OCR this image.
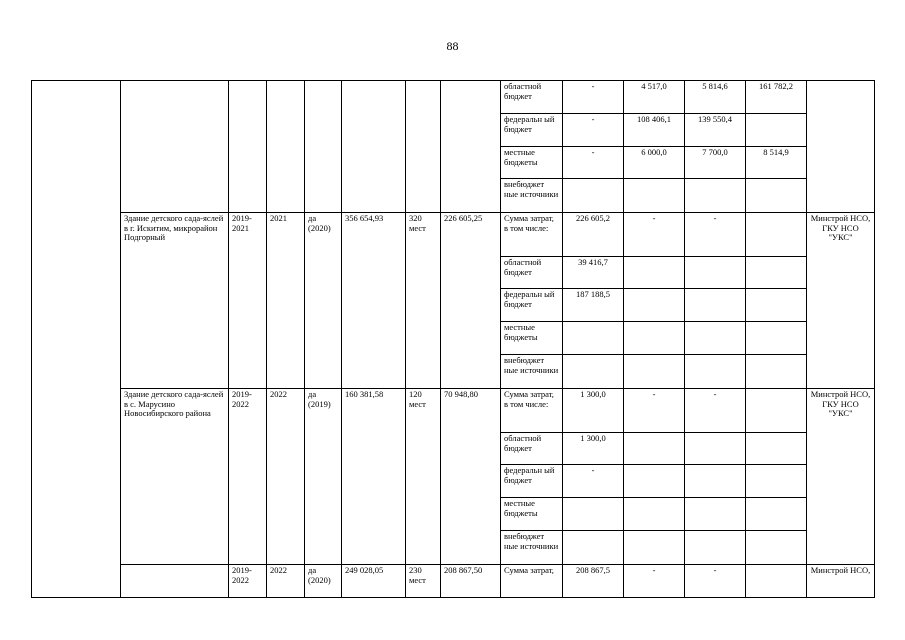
88
								областной бюджет	-	4 517,0	5 814,6	161 782,2	
								федеральн ый бюджет	-	108 406,1	139 550,4		
								местные бюджеты	-	6 000,0	7 700,0	8 514,9	
								внебюджет ные источники					
	Здание детского сада-яслей в г. Искитим, микрорайон Подгорный	2019-2021	2021	да (2020)	356 654,93	320 мест	226 605,25	Сумма затрат, в том числе:	226 605,2	-	-		Минстрой НСО, ГКУ НСО "УКС"
								областной бюджет	39 416,7				
								федеральн ый бюджет	187 188,5				
								местные бюджеты					
								внебюджет ные источники					
	Здание детского сада-яслей в с. Марусино Новосибирского района	2019-2022	2022	да (2019)	160 381,58	120 мест	70 948,80	Сумма затрат, в том числе:	1 300,0	-	-		Минстрой НСО, ГКУ НСО "УКС"
								областной бюджет	1 300,0				
								федеральн ый бюджет	-				
								местные бюджеты					
								внебюджет ные источники					
		2019-2022	2022	да (2020)	249 028,05	230 мест	208 867,50	Сумма затрат,	208 867,5	-	-		Минстрой НСО,
